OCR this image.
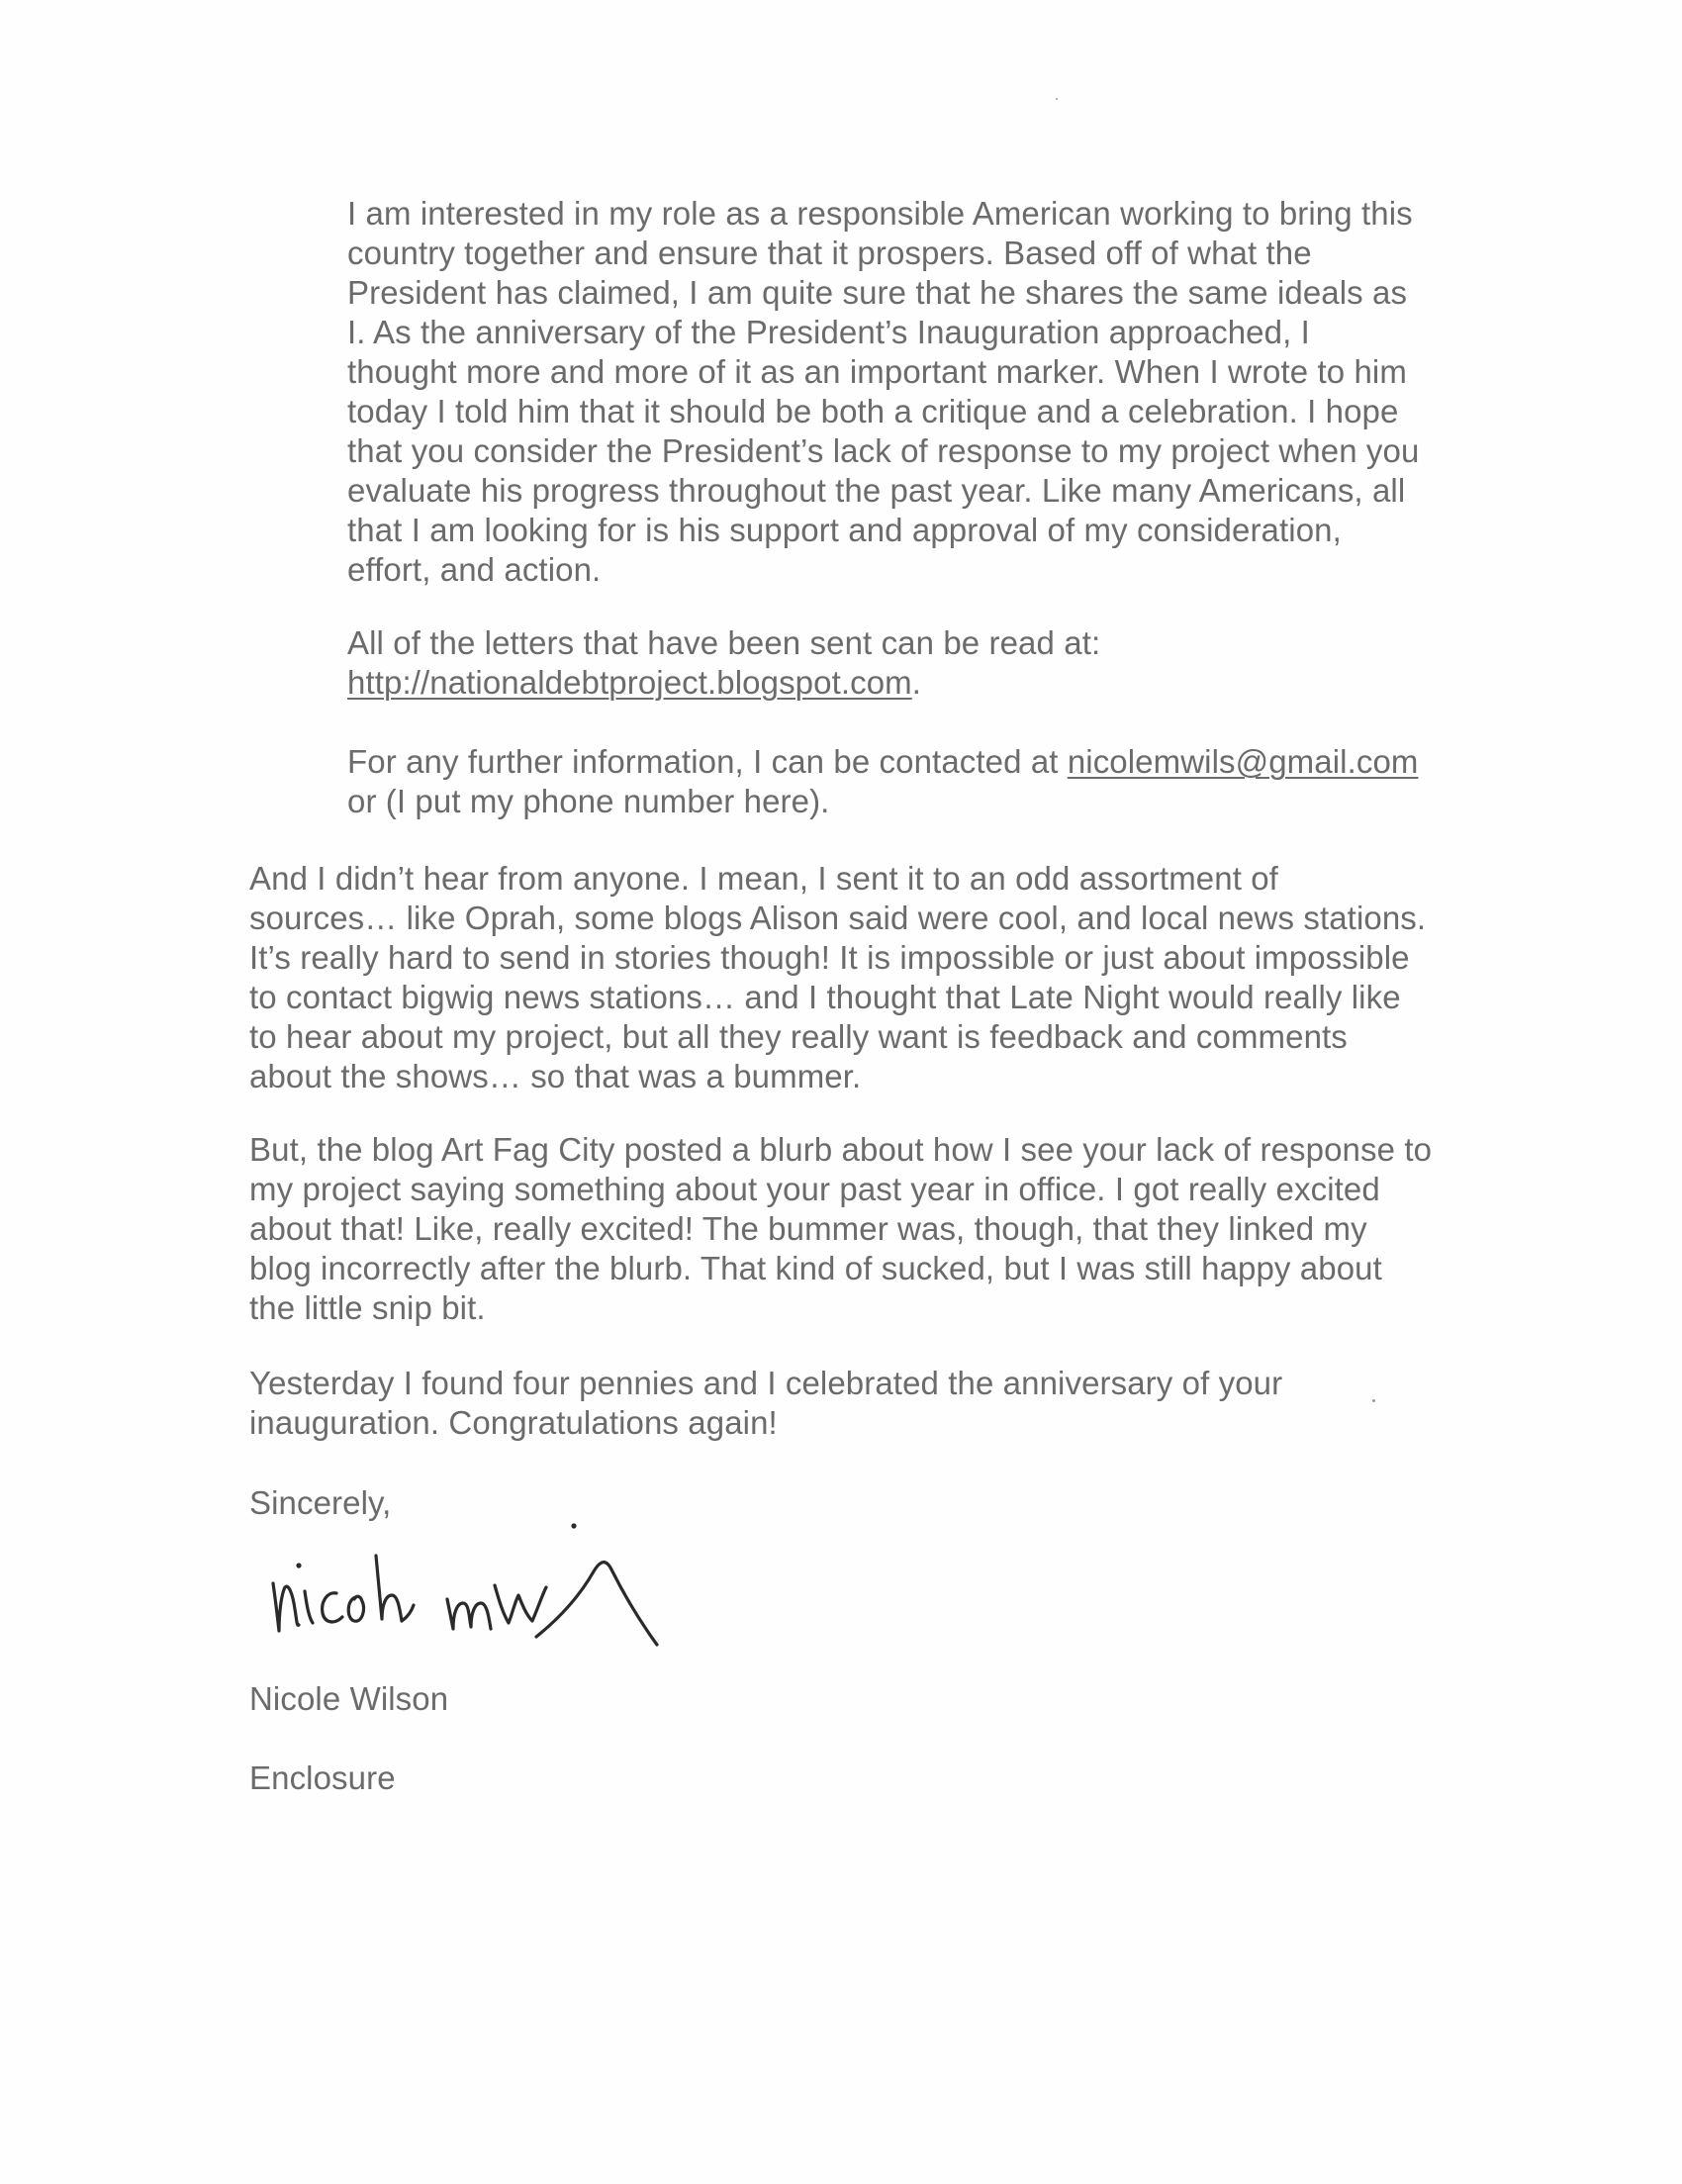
I am interested in my role as a responsible American working to bring this
country together and ensure that it prospers. Based off of what the
President has claimed, I am quite sure that he shares the same ideals as
I. As the anniversary of the President’s Inauguration approached, I
thought more and more of it as an important marker. When I wrote to him
today I told him that it should be both a critique and a celebration. I hope
that you consider the President’s lack of response to my project when you
evaluate his progress throughout the past year. Like many Americans, all
that I am looking for is his support and approval of my consideration,
effort, and action.
All of the letters that have been sent can be read at:
http://nationaldebtproject.blogspot.com.
For any further information, I can be contacted at nicolemwils@gmail.com
or (I put my phone number here).
And I didn’t hear from anyone. I mean, I sent it to an odd assortment of
sources… like Oprah, some blogs Alison said were cool, and local news stations.
It’s really hard to send in stories though! It is impossible or just about impossible
to contact bigwig news stations… and I thought that Late Night would really like
to hear about my project, but all they really want is feedback and comments
about the shows… so that was a bummer.
But, the blog Art Fag City posted a blurb about how I see your lack of response to
my project saying something about your past year in office. I got really excited
about that! Like, really excited! The bummer was, though, that they linked my
blog incorrectly after the blurb. That kind of sucked, but I was still happy about
the little snip bit.
Yesterday I found four pennies and I celebrated the anniversary of your
inauguration. Congratulations again!
Sincerely,
Nicole Wilson
Enclosure
